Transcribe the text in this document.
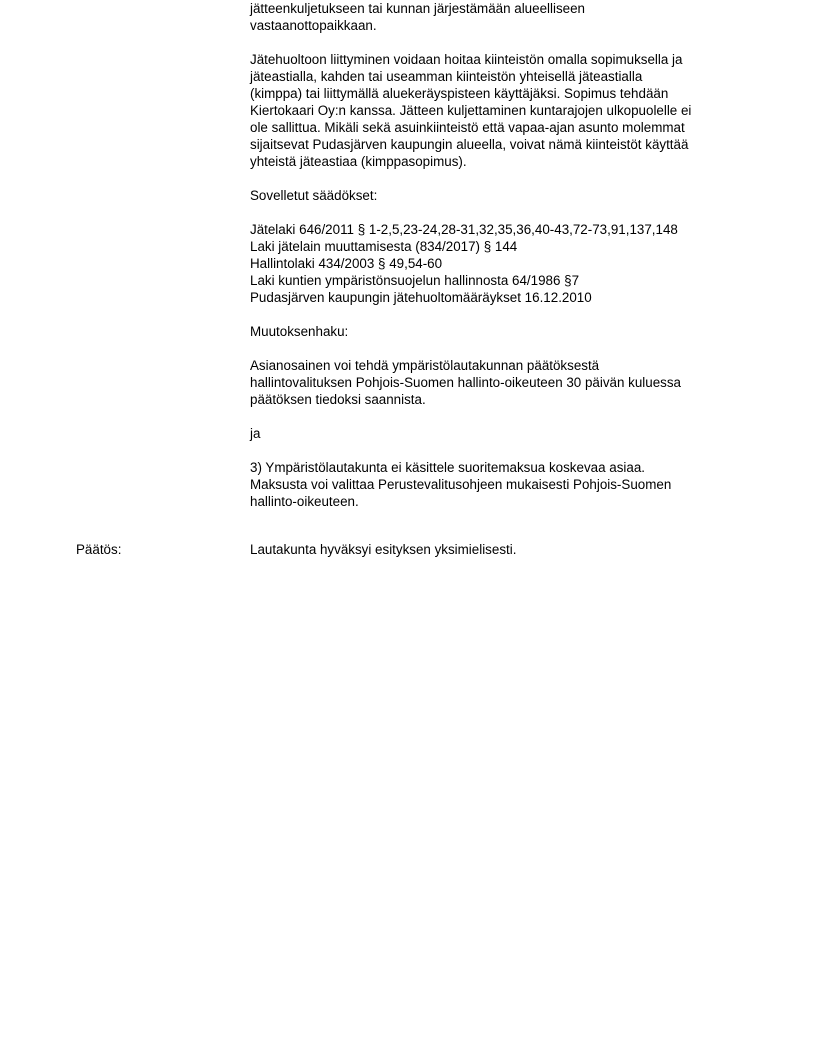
jätteenkuljetukseen tai kunnan järjestämään alueelliseen
vastaanottopaikkaan.
Jätehuoltoon liittyminen voidaan hoitaa kiinteistön omalla sopimuksella ja
jäteastialla, kahden tai useamman kiinteistön yhteisellä jäteastialla
(kimppa) tai liittymällä aluekeräyspisteen käyttäjäksi. Sopimus tehdään
Kiertokaari Oy:n kanssa. Jätteen kuljettaminen kuntarajojen ulkopuolelle ei
ole sallittua. Mikäli sekä asuinkiinteistö että vapaa-ajan asunto molemmat
sijaitsevat Pudasjärven kaupungin alueella, voivat nämä kiinteistöt käyttää
yhteistä jäteastiaa (kimppasopimus).
Sovelletut säädökset:
Jätelaki 646/2011 § 1-2,5,23-24,28-31,32,35,36,40-43,72-73,91,137,148
Laki jätelain muuttamisesta (834/2017) § 144
Hallintolaki 434/2003 § 49,54-60
Laki kuntien ympäristönsuojelun hallinnosta 64/1986 §7
Pudasjärven kaupungin jätehuoltomääräykset 16.12.2010
Muutoksenhaku:
Asianosainen voi tehdä ympäristölautakunnan päätöksestä
hallintovalituksen Pohjois-Suomen hallinto-oikeuteen 30 päivän kuluessa
päätöksen tiedoksi saannista.
ja
3) Ympäristölautakunta ei käsittele suoritemaksua koskevaa asiaa.
Maksusta voi valittaa Perustevalitusohjeen mukaisesti Pohjois-Suomen
hallinto-oikeuteen.
Päätös:	Lautakunta hyväksyi esityksen yksimielisesti.
